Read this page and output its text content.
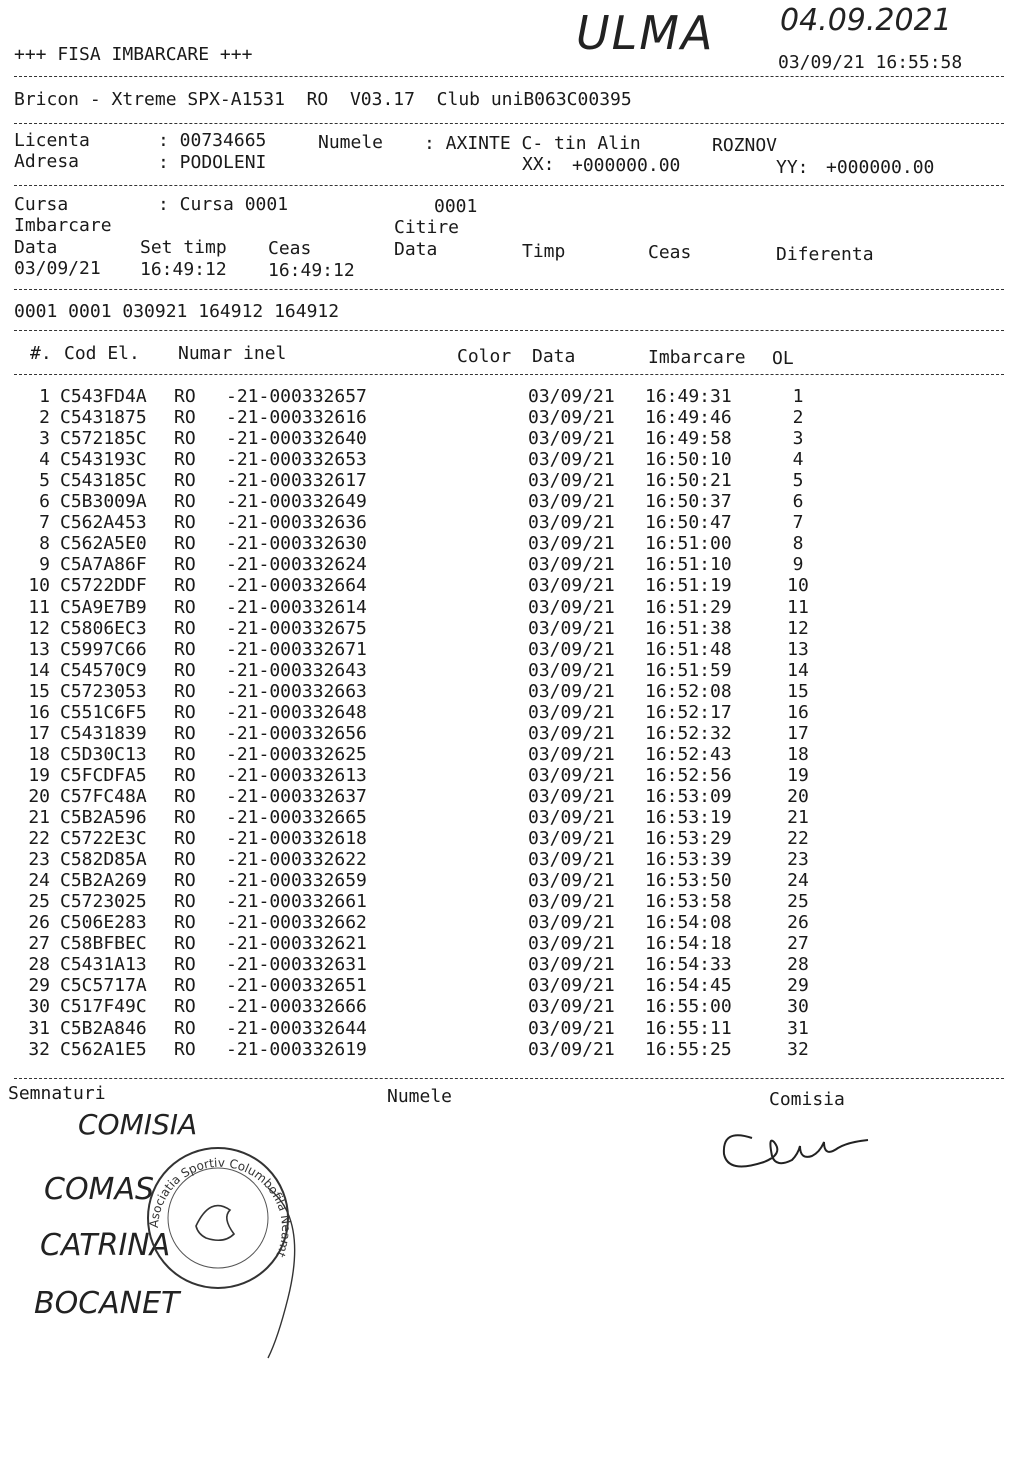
+++ FISA IMBARCARE +++	ULMA 04.09.2021
03/09/21 16:55:58
Bricon - Xtreme SPX-A1531  RO  V03.17  Club uniB063C00395
Licenta	: 00734665	Numele : AXINTE C- tin Alin	ROZNOV
Adresa	: PODOLENI	XX: +000000.00	YY: +000000.00
Cursa	: Cursa 0001	0001
Imbarcare	Citire
Data	Set timp Ceas	Data	Timp	Ceas	Diferenta
03/09/21 16:49:12 16:49:12
0001 0001 030921 164912 164912
#. Cod El. Numar inel	Color Data	Imbarcare OL
1 C543FD4A RO -21-000332657	03/09/21 16:49:31	1
2 C5431875 RO -21-000332616	03/09/21 16:49:46	2
3 C572185C RO -21-000332640	03/09/21 16:49:58	3
4 C543193C RO -21-000332653	03/09/21 16:50:10	4
5 C543185C RO -21-000332617	03/09/21 16:50:21	5
6 C5B3009A RO -21-000332649	03/09/21 16:50:37	6
7 C562A453 RO -21-000332636	03/09/21 16:50:47	7
8 C562A5E0 RO -21-000332630	03/09/21 16:51:00	8
9 C5A7A86F RO -21-000332624	03/09/21 16:51:10	9
10 C5722DDF RO -21-000332664	03/09/21 16:51:19	10
11 C5A9E7B9 RO -21-000332614	03/09/21 16:51:29	11
12 C5806EC3 RO -21-000332675	03/09/21 16:51:38	12
13 C5997C66 RO -21-000332671	03/09/21 16:51:48	13
14 C54570C9 RO -21-000332643	03/09/21 16:51:59	14
15 C5723053 RO -21-000332663	03/09/21 16:52:08	15
16 C551C6F5 RO -21-000332648	03/09/21 16:52:17	16
17 C5431839 RO -21-000332656	03/09/21 16:52:32	17
18 C5D30C13 RO -21-000332625	03/09/21 16:52:43	18
19 C5FCDFA5 RO -21-000332613	03/09/21 16:52:56	19
20 C57FC48A RO -21-000332637	03/09/21 16:53:09	20
21 C5B2A596 RO -21-000332665	03/09/21 16:53:19	21
22 C5722E3C RO -21-000332618	03/09/21 16:53:29	22
23 C582D85A RO -21-000332622	03/09/21 16:53:39	23
24 C5B2A269 RO -21-000332659	03/09/21 16:53:50	24
25 C5723025 RO -21-000332661	03/09/21 16:53:58	25
26 C506E283 RO -21-000332662	03/09/21 16:54:08	26
27 C58BFBEC RO -21-000332621	03/09/21 16:54:18	27
28 C5431A13 RO -21-000332631	03/09/21 16:54:33	28
29 C5C5717A RO -21-000332651	03/09/21 16:54:45	29
30 C517F49C RO -21-000332666	03/09/21 16:55:00	30
31 C5B2A846 RO -21-000332644	03/09/21 16:55:11	31
32 C562A1E5 RO -21-000332619	03/09/21 16:55:25	32
Semnaturi	Numele	Comisia
COMISIA
COMAS
CATRINA
BOCANET
Asociatia Sportiv Columbofila Neamt
